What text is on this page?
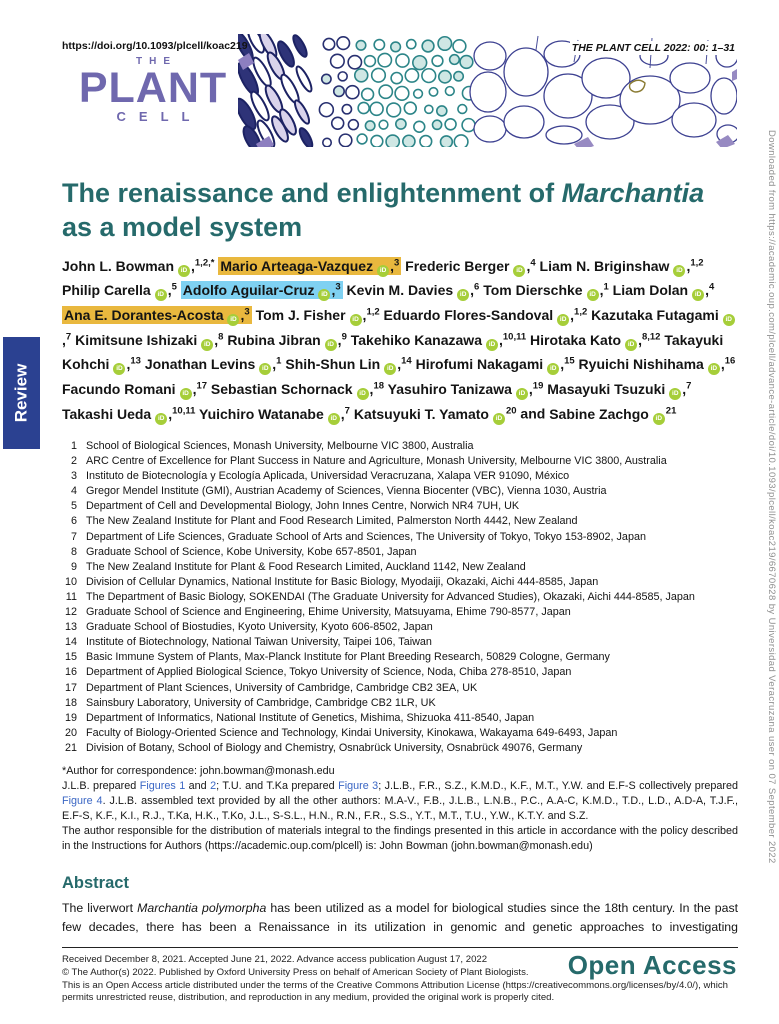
https://doi.org/10.1093/plcell/koac219	THE PLANT CELL 2022: 00: 1–31
THE
PLANT
CELL
The renaissance and enlightenment of Marchantia
as a model system
John L. Bowman iD ,$^{1,2,*}$ Mario Arteaga-Vazquez iD ,$^3$ Frederic Berger iD ,$^4$ Liam N. Briginshaw iD ,$^{1,2}$ Philip Carella iD ,$^5$ Adolfo Aguilar-Cruz iD ,$^3$ Kevin M. Davies iD ,$^6$ Tom Dierschke iD ,$^1$ Liam Dolan iD ,$^4$ Ana E. Dorantes-Acosta iD ,$^3$ Tom J. Fisher iD ,$^{1,2}$ Eduardo Flores-Sandoval iD ,$^{1,2}$ Kazutaka Futagami iD,$^7$ Kimitsune Ishizaki iD ,$^8$ Rubina Jibran iD ,$^9$ Takehiko Kanazawa iD ,$^{10,11}$ Hirotaka Kato iD ,$^{8,12}$ Takayuki Kohchi iD ,$^{13}$ Jonathan Levins iD ,$^1$ Shih-Shun Lin iD ,$^{14}$ Hirofumi Nakagami iD ,$^{15}$ Ryuichi Nishihama iD ,$^{16}$ Facundo Romani iD ,$^{17}$ Sebastian Schornack iD ,$^{18}$ Yasuhiro Tanizawa iD ,$^{19}$ Masayuki Tsuzuki iD ,$^7$ Takashi Ueda iD ,$^{10,11}$ Yuichiro Watanabe iD ,$^7$ Katsuyuki T. Yamato $iD^{20}$ and Sabine Zachgo $iD^{21}$
Review
1 School of Biological Sciences, Monash University, Melbourne VIC 3800, Australia
2 ARC Centre of Excellence for Plant Success in Nature and Agriculture, Monash University, Melbourne VIC 3800, Australia
3 Instituto de Biotecnología y Ecología Aplicada, Universidad Veracruzana, Xalapa VER 91090, México
4 Gregor Mendel Institute (GMI), Austrian Academy of Sciences, Vienna Biocenter (VBC), Vienna 1030, Austria
5 Department of Cell and Developmental Biology, John Innes Centre, Norwich NR4 7UH, UK
6 The New Zealand Institute for Plant and Food Research Limited, Palmerston North 4442, New Zealand
7 Department of Life Sciences, Graduate School of Arts and Sciences, The University of Tokyo, Tokyo 153-8902, Japan
8 Graduate School of Science, Kobe University, Kobe 657-8501, Japan
9 The New Zealand Institute for Plant & Food Research Limited, Auckland 1142, New Zealand
10 Division of Cellular Dynamics, National Institute for Basic Biology, Myodaiji, Okazaki, Aichi 444-8585, Japan
11 The Department of Basic Biology, SOKENDAI (The Graduate University for Advanced Studies), Okazaki, Aichi 444-8585, Japan
12 Graduate School of Science and Engineering, Ehime University, Matsuyama, Ehime 790-8577, Japan
13 Graduate School of Biostudies, Kyoto University, Kyoto 606-8502, Japan
14 Institute of Biotechnology, National Taiwan University, Taipei 106, Taiwan
15 Basic Immune System of Plants, Max-Planck Institute for Plant Breeding Research, 50829 Cologne, Germany
16 Department of Applied Biological Science, Tokyo University of Science, Noda, Chiba 278-8510, Japan
17 Department of Plant Sciences, University of Cambridge, Cambridge CB2 3EA, UK
18 Sainsbury Laboratory, University of Cambridge, Cambridge CB2 1LR, UK
19 Department of Informatics, National Institute of Genetics, Mishima, Shizuoka 411-8540, Japan
20 Faculty of Biology-Oriented Science and Technology, Kindai University, Kinokawa, Wakayama 649-6493, Japan
21 Division of Botany, School of Biology and Chemistry, Osnabrück University, Osnabrück 49076, Germany

*Author for correspondence: john.bowman@monash.edu

J.L.B. prepared Figures 1 and 2; T.U. and T.Ka prepared Figure 3; J.L.B., F.R., S.Z., K.M.D., K.F., M.T., Y.W. and E.F-S collectively prepared Figure 4. J.L.B. assembled text provided by all the other authors: M.A-V., F.B., J.L.B., L.N.B., P.C., A.A-C, K.M.D., T.D., L.D., A.D-A, T.J.F., E.F-S, K.F., K.I., R.J., T.Ka, H.K., T.Ko, J.L., S-S.L., H.N., R.N., F.R., S.S., Y.T., M.T., T.U., Y.W., K.T.Y. and S.Z.

The author responsible for the distribution of materials integral to the findings presented in this article in accordance with the policy described in the Instructions for Authors (https://academic.oup.com/plcell) is: John Bowman (john.bowman@monash.edu)

Abstract
The liverwort Marchantia polymorpha has been utilized as a model for biological studies since the 18th century. In the past few decades, there has been a Renaissance in its utilization in genomic and genetic approaches to investigating
Received December 8, 2021. Accepted June 21, 2022. Advance access publication August 17, 2022
© The Author(s) 2022. Published by Oxford University Press on behalf of American Society of Plant Biologists.
This is an Open Access article distributed under the terms of the Creative Commons Attribution License (https://creativecommons.org/licenses/by/4.0/), which permits unrestricted reuse, distribution, and reproduction in any medium, provided the original work is properly cited.
Open Access
Downloaded from https://academic.oup.com/plcell/advance-article/doi/10.1093/plcell/koac219/6670628 by Universidad Veracruzana user on 07 September 2022
